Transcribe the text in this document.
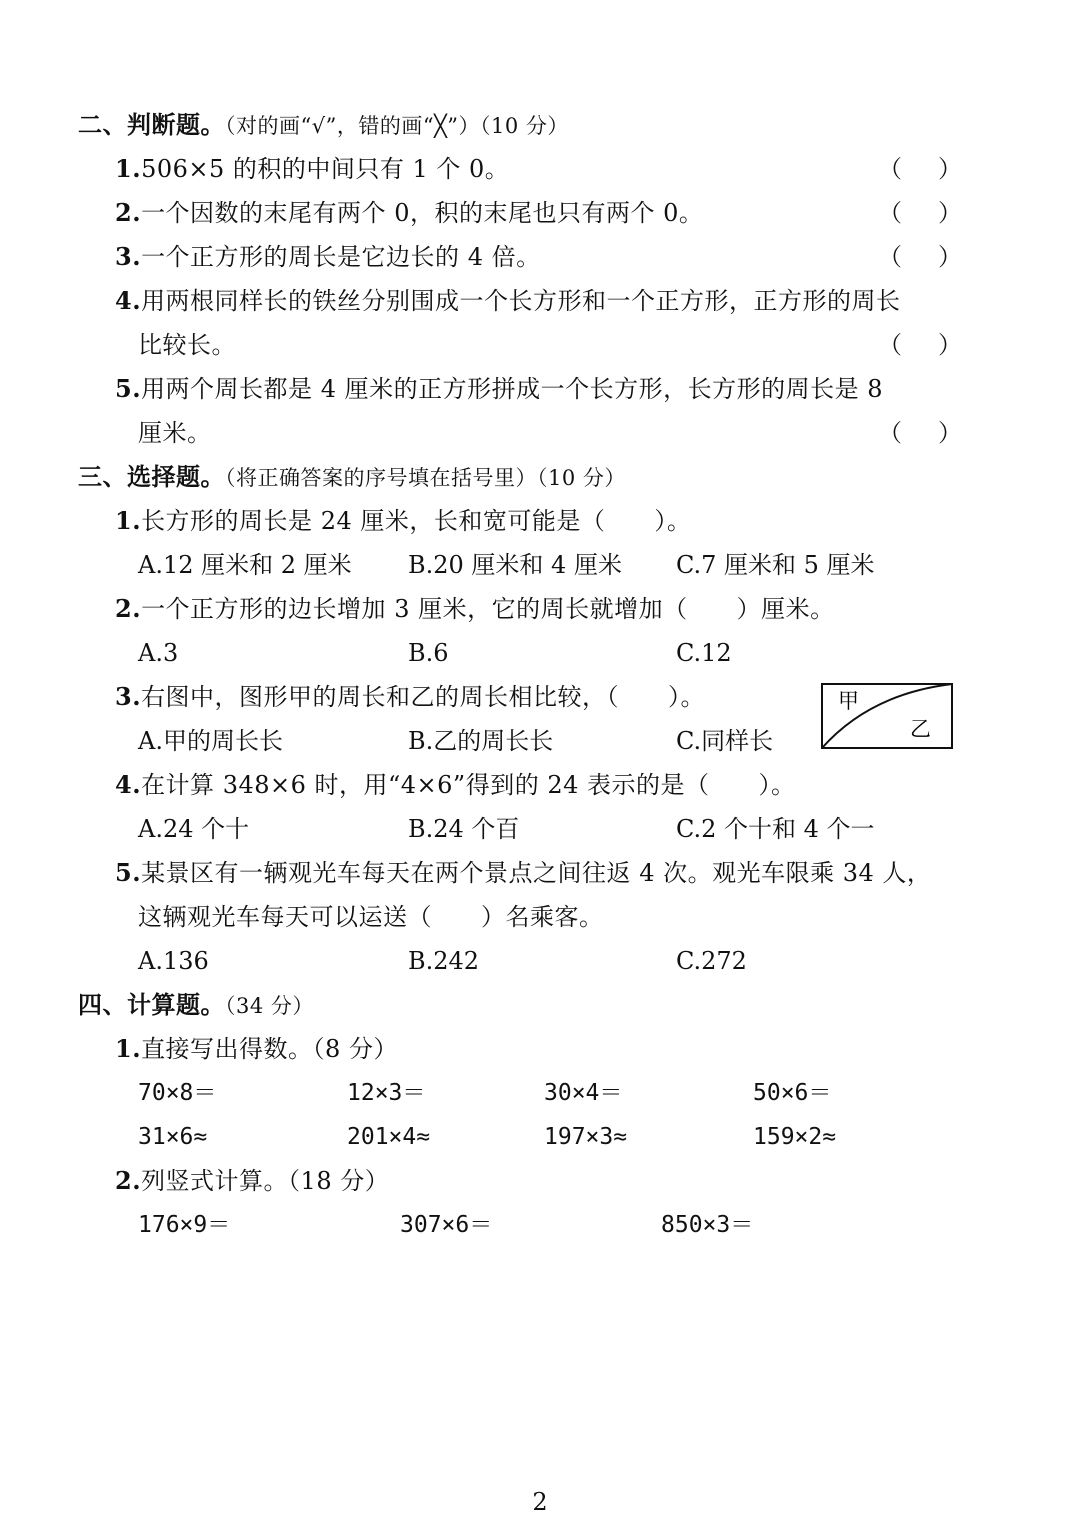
二、判断题。（对的画“√”，错的画“╳”）（10 分）
1.506×5 的积的中间只有 1 个 0。	（ ）
2.一个因数的末尾有两个 0，积的末尾也只有两个 0。	（ ）
3.一个正方形的周长是它边长的 4 倍。	（ ）
4.用两根同样长的铁丝分别围成一个长方形和一个正方形，正方形的周长
比较长。	（ ）
5.用两个周长都是 4 厘米的正方形拼成一个长方形，长方形的周长是 8
厘米。	（ ）
三、选择题。（将正确答案的序号填在括号里）（10 分）
1.长方形的周长是 24 厘米，长和宽可能是（　　）。
A.12 厘米和 2 厘米 B.20 厘米和 4 厘米 C.7 厘米和 5 厘米
2.一个正方形的边长增加 3 厘米，它的周长就增加（　　）厘米。
A.3	B.6	C.12
3.右图中，图形甲的周长和乙的周长相比较，（　　）。
A.甲的周长长	B.乙的周长长	C.同样长
甲
乙
4.在计算 348×6 时，用“4×6”得到的 24 表示的是（　　）。
A.24 个十	B.24 个百	C.2 个十和 4 个一
5.某景区有一辆观光车每天在两个景点之间往返 4 次。观光车限乘 34 人，
这辆观光车每天可以运送（　　）名乘客。
A.136	B.242	C.272
四、计算题。（34 分）
1.直接写出得数。（8 分）
70×8＝	12×3＝	30×4＝	50×6＝
31×6≈	201×4≈	197×3≈	159×2≈
2.列竖式计算。（18 分）
176×9＝	307×6＝	850×3＝
2
